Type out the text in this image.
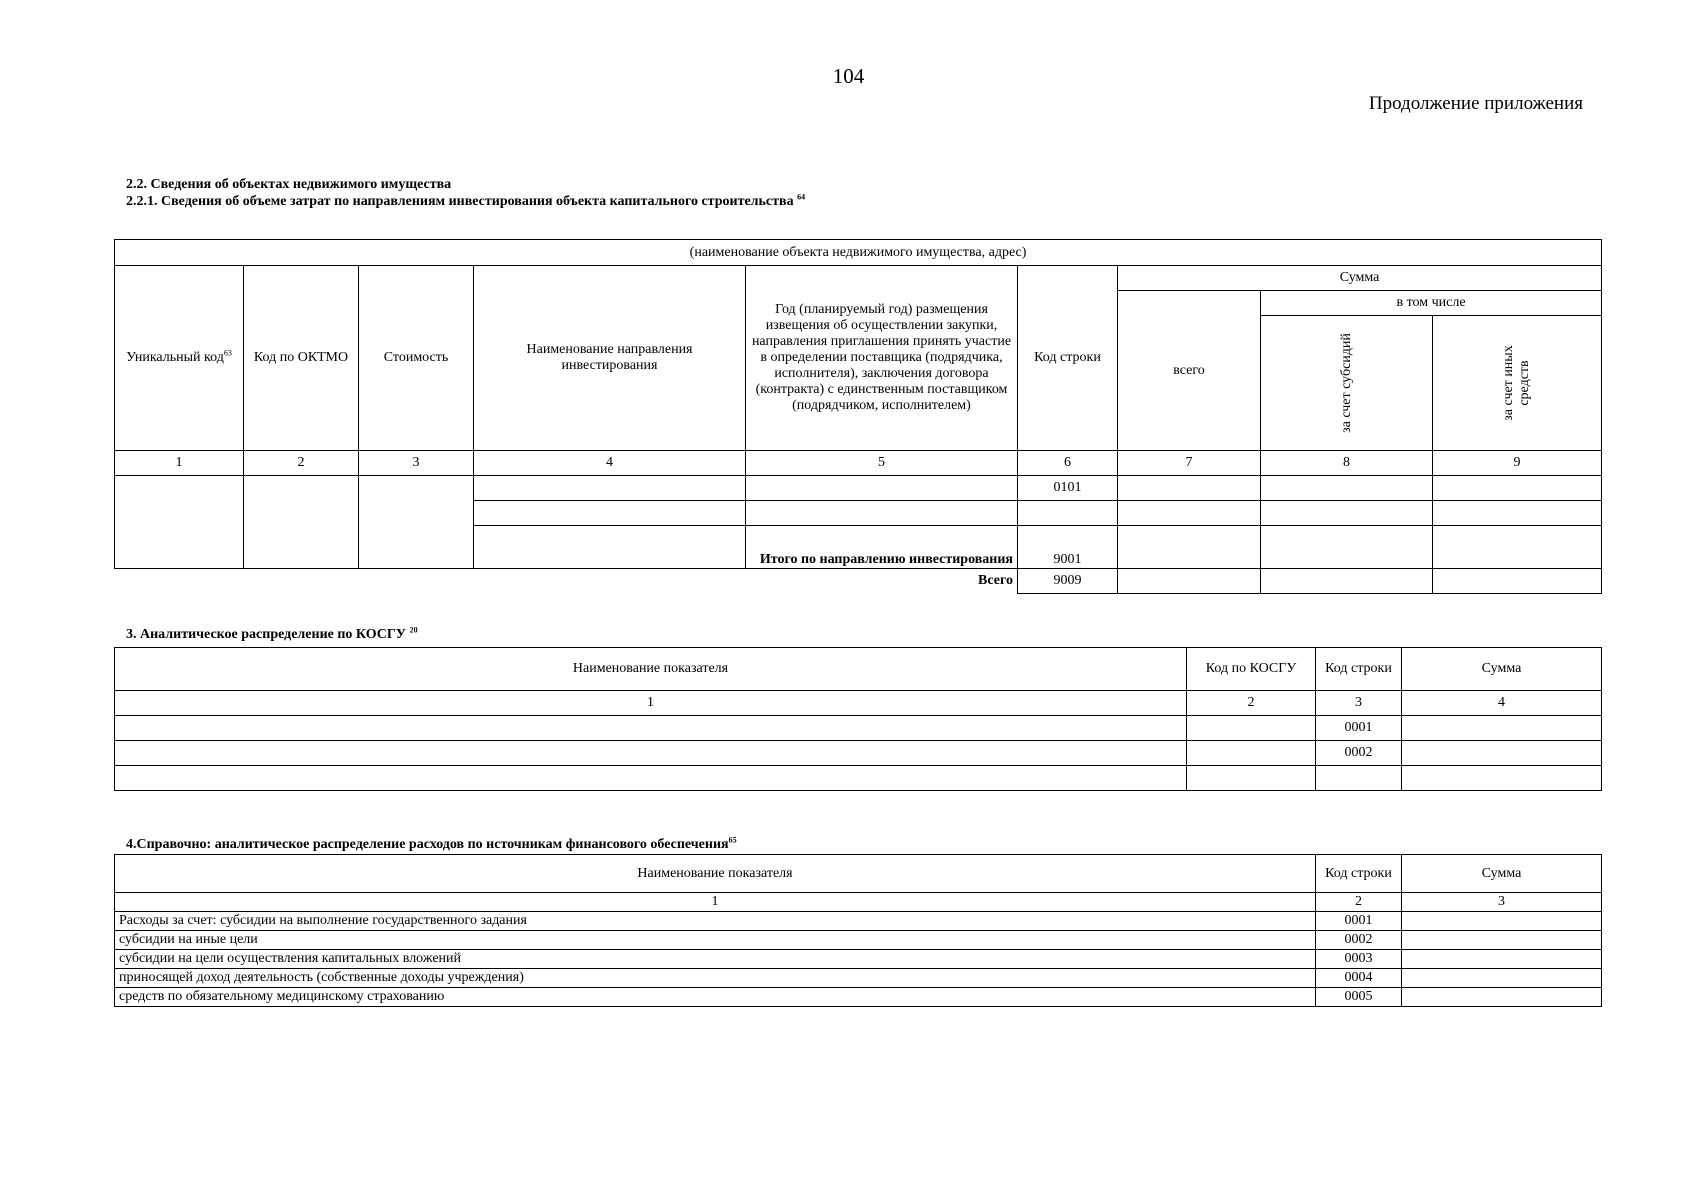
104
Продолжение приложения
2.2. Сведения об объектах недвижимого имущества
2.2.1. Сведения об объеме затрат по направлениям инвестирования объекта капитального строительства $^{64}$
(наименование объекта недвижимого имущества, адрес)								
Уникальный код$^{63}$	Код по ОКТМО	Стоимость	Наименование направления инвестирования	Год (планируемый год) размещения извещения об осуществлении закупки, направления приглашения принять участие в определении поставщика (подрядчика, исполнителя), заключения договора (контракта) с единственным поставщиком (подрядчиком, исполнителем)	Код строки	Сумма		
						всего	в том числе	

							за счет субсидий	за счет иных средств

1	2	3	4	5	6	7	8	9
					0101			

				Итого по направлению инвестирования	9001			
Всего					9009			
3. Аналитическое распределение по КОСГУ $^{20}$
Наименование показателя	Код по КОСГУ	Код строки	Сумма
1	2	3	4
		0001	
		0002	

4.Справочно: аналитическое распределение расходов по источникам финансового обеспечения$^{65}$
Наименование показателя	Код строки	Сумма
1	2	3
Расходы за счет: субсидии на выполнение государственного задания	0001	
субсидии на иные цели	0002	
субсидии на цели осуществления капитальных вложений	0003	
приносящей доход деятельность (собственные доходы учреждения)	0004	
средств по обязательному медицинскому страхованию	0005	
